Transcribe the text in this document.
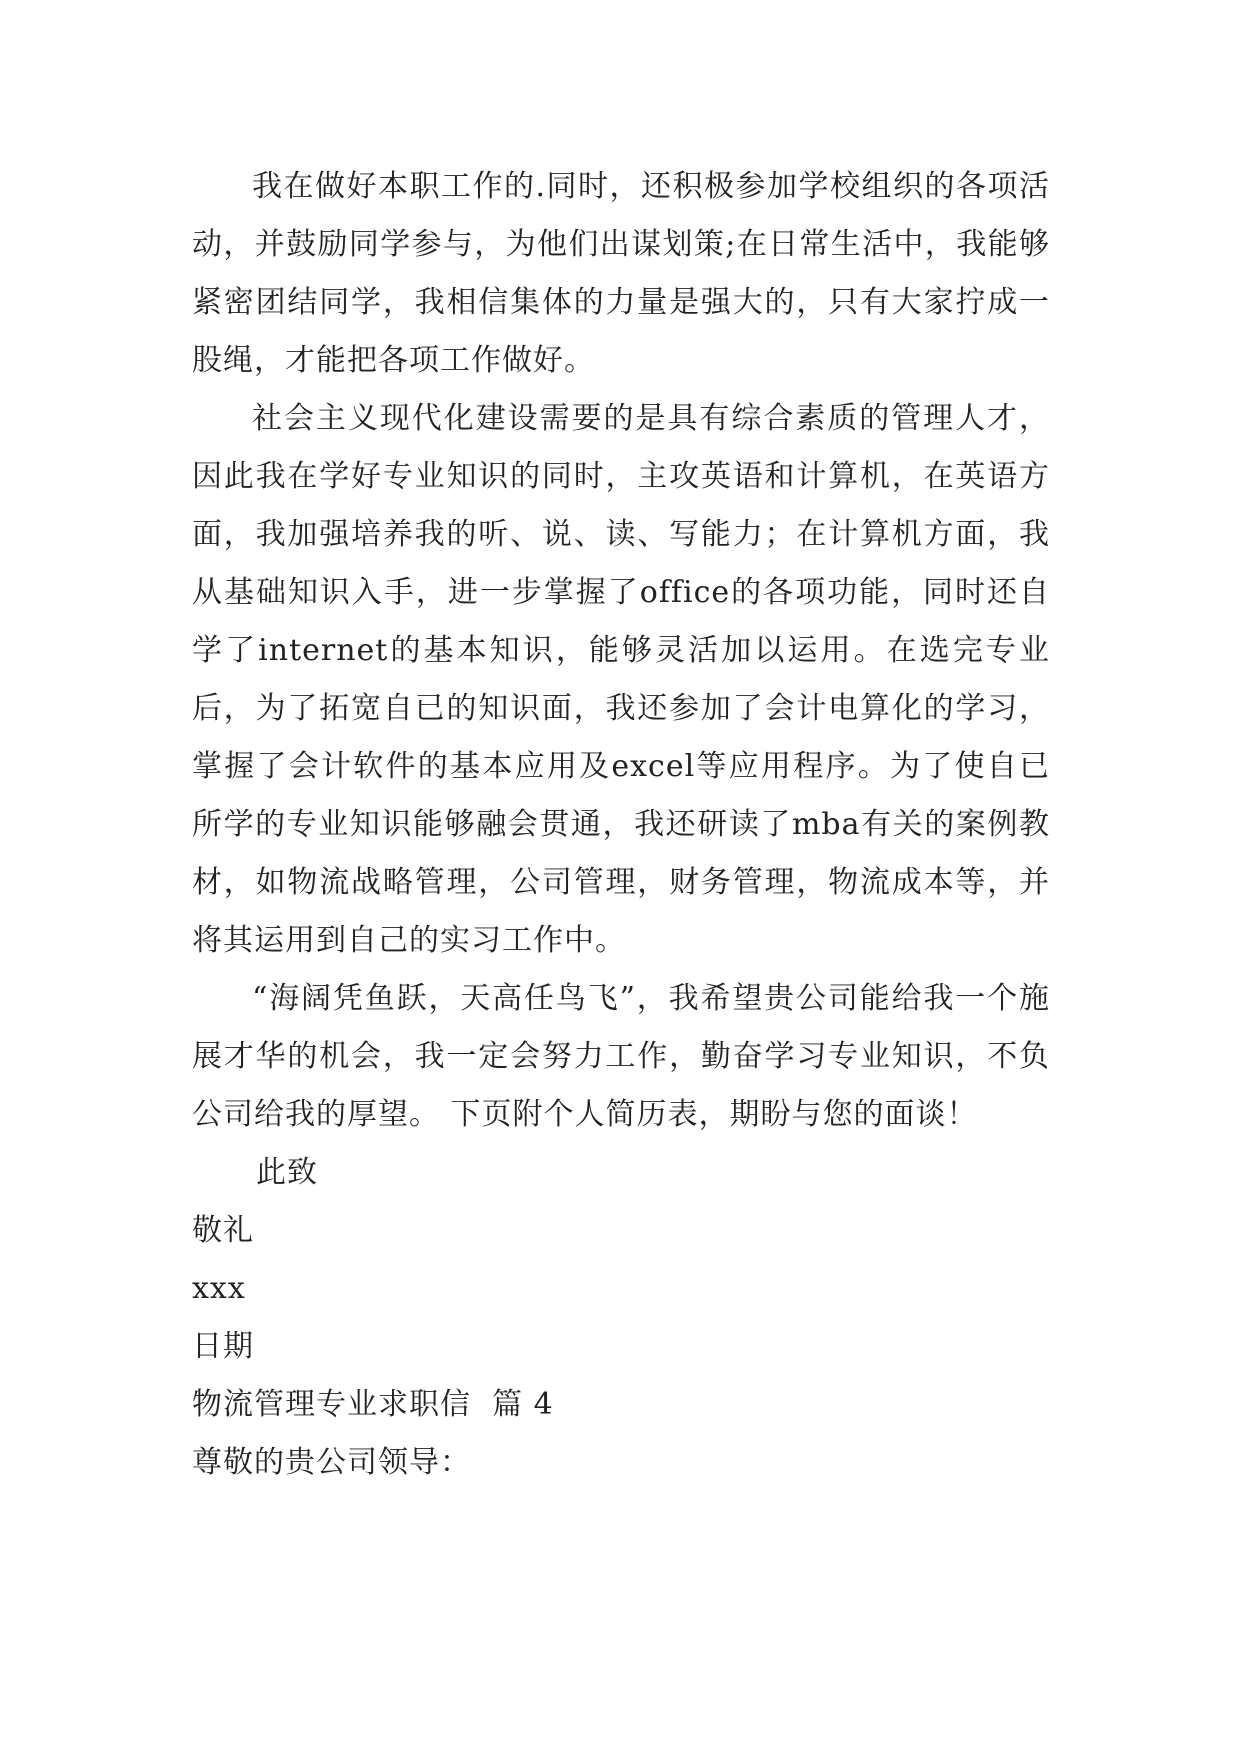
我在做好本职工作的.同时，还积极参加学校组织的各项活动，并鼓励同学参与，为他们出谋划策;在日常生活中，我能够紧密团结同学，我相信集体的力量是强大的，只有大家拧成一股绳，才能把各项工作做好。

社会主义现代化建设需要的是具有综合素质的管理人才，因此我在学好专业知识的同时，主攻英语和计算机，在英语方面，我加强培养我的听、说、读、写能力；在计算机方面，我从基础知识入手，进一步掌握了office的各项功能，同时还自学了internet的基本知识，能够灵活加以运用。在选完专业后，为了拓宽自已的知识面，我还参加了会计电算化的学习，掌握了会计软件的基本应用及excel等应用程序。为了使自已所学的专业知识能够融会贯通，我还研读了mba有关的案例教材，如物流战略管理，公司管理，财务管理，物流成本等，并将其运用到自己的实习工作中。

“海阔凭鱼跃，天高任鸟飞”，我希望贵公司能给我一个施展才华的机会，我一定会努力工作，勤奋学习专业知识，不负公司给我的厚望。 下页附个人简历表，期盼与您的面谈！

此致

敬礼

xxx

日期

物流管理专业求职信  篇 4

尊敬的贵公司领导：
